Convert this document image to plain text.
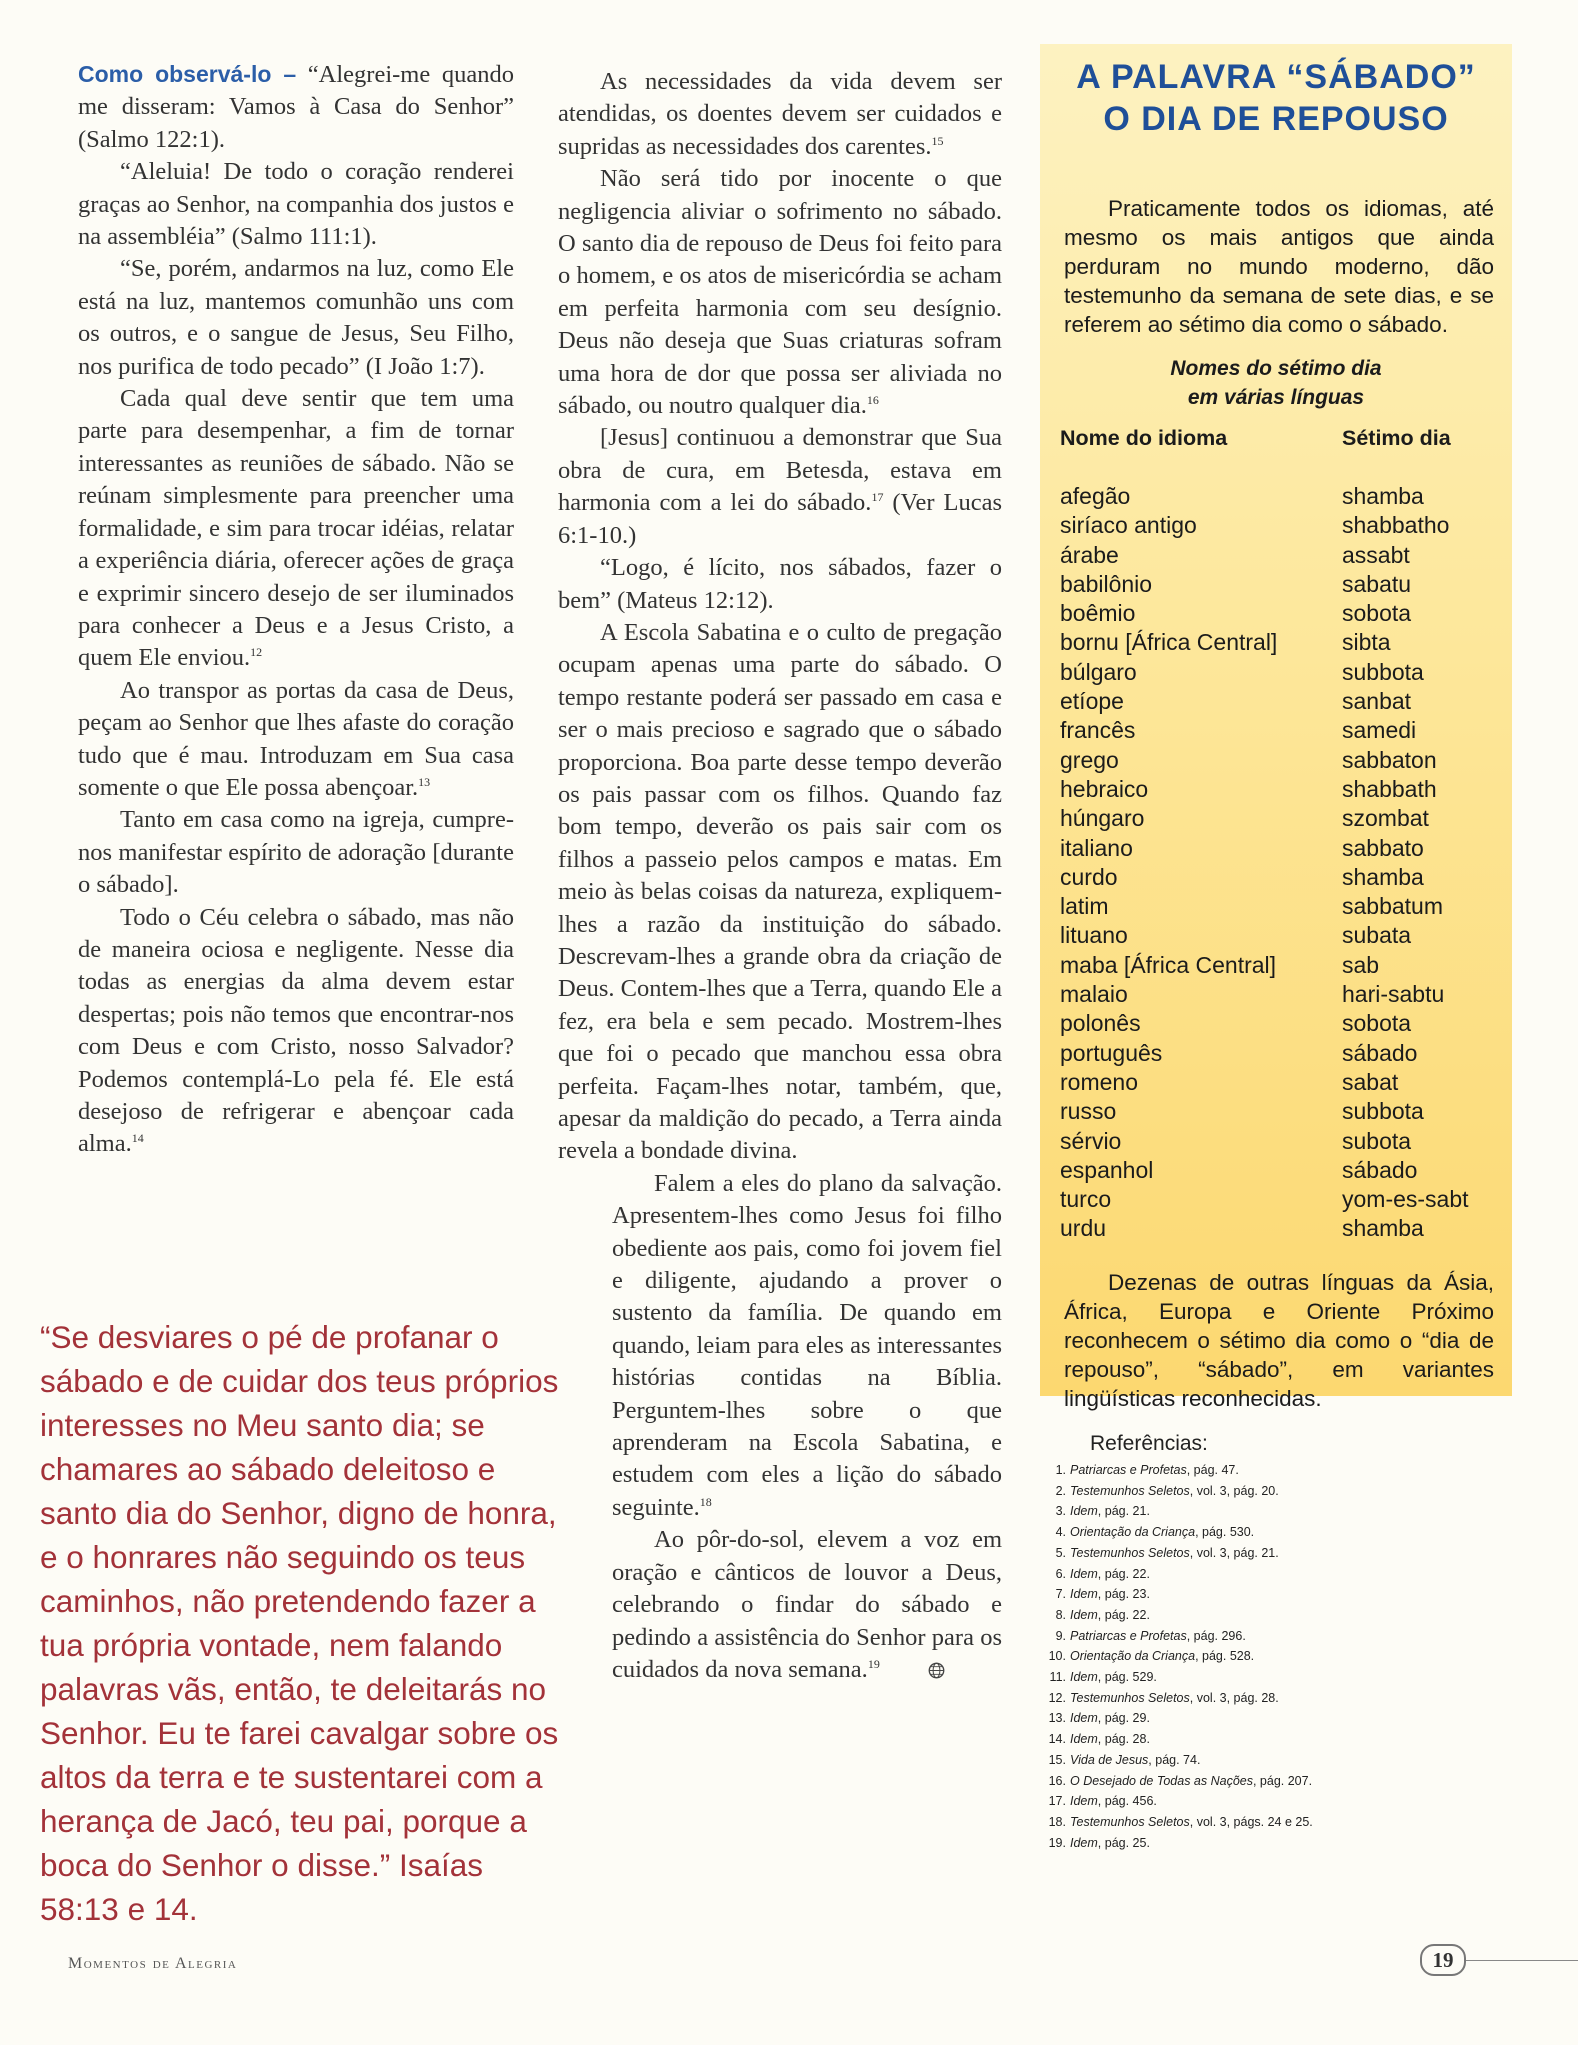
Como observá-lo – “Alegrei-me quando me disseram: Vamos à Casa do Senhor” (Salmo 122:1).

“Aleluia! De todo o coração renderei graças ao Senhor, na companhia dos justos e na assembléia” (Salmo 111:1).

“Se, porém, andarmos na luz, como Ele está na luz, mantemos comunhão uns com os outros, e o sangue de Jesus, Seu Filho, nos purifica de todo pecado” (I João 1:7).

Cada qual deve sentir que tem uma parte para desempenhar, a fim de tornar interessantes as reuniões de sábado. Não se reúnam simplesmente para preencher uma formalidade, e sim para trocar idéias, relatar a experiência diária, oferecer ações de graça e exprimir sincero desejo de ser iluminados para conhecer a Deus e a Jesus Cristo, a quem Ele enviou.$^{12}$

Ao transpor as portas da casa de Deus, peçam ao Senhor que lhes afaste do coração tudo que é mau. Introduzam em Sua casa somente o que Ele possa abençoar.$^{13}$

Tanto em casa como na igreja, cumpre-nos manifestar espírito de adoração [durante o sábado].

Todo o Céu celebra o sábado, mas não de maneira ociosa e negligente. Nesse dia todas as energias da alma devem estar despertas; pois não temos que encontrar-nos com Deus e com Cristo, nosso Salvador? Podemos contemplá-Lo pela fé. Ele está desejoso de refrigerar e abençoar cada alma.$^{14}$

As necessidades da vida devem ser atendidas, os doentes devem ser cuidados e supridas as necessidades dos carentes.$^{15}$

Não será tido por inocente o que negligencia aliviar o sofrimento no sábado. O santo dia de repouso de Deus foi feito para o homem, e os atos de misericórdia se acham em perfeita harmonia com seu desígnio. Deus não deseja que Suas criaturas sofram uma hora de dor que possa ser aliviada no sábado, ou noutro qualquer dia.$^{16}$

[Jesus] continuou a demonstrar que Sua obra de cura, em Betesda, estava em harmonia com a lei do sábado.$^{17}$ (Ver Lucas 6:1-10.)

“Logo, é lícito, nos sábados, fazer o bem” (Mateus 12:12).

A Escola Sabatina e o culto de pregação ocupam apenas uma parte do sábado. O tempo restante poderá ser passado em casa e ser o mais precioso e sagrado que o sábado proporciona. Boa parte desse tempo deverão os pais passar com os filhos. Quando faz bom tempo, deverão os pais sair com os filhos a passeio pelos campos e matas. Em meio às belas coisas da natureza, expliquem-lhes a razão da instituição do sábado. Descrevam-lhes a grande obra da criação de Deus. Contem-lhes que a Terra, quando Ele a fez, era bela e sem pecado. Mostrem-lhes que foi o pecado que manchou essa obra perfeita. Façam-lhes notar, também, que, apesar da maldição do pecado, a Terra ainda revela a bondade divina.

Falem a eles do plano da salvação. Apresentem-lhes como Jesus foi filho obediente aos pais, como foi jovem fiel e diligente, ajudando a prover o sustento da família. De quando em quando, leiam para eles as interessantes histórias contidas na Bíblia. Perguntem-lhes sobre o que aprenderam na Escola Sabatina, e estudem com eles a lição do sábado seguinte.$^{18}$

Ao pôr-do-sol, elevem a voz em oração e cânticos de louvor a Deus, celebrando o findar do sábado e pedindo a assistência do Senhor para os cuidados da nova semana.$^{19}$

“Se desviares o pé de profanar o sábado e de cuidar dos teus próprios interesses no Meu santo dia; se chamares ao sábado deleitoso e santo dia do Senhor, digno de honra, e o honrares não seguindo os teus caminhos, não pretendendo fazer a tua própria vontade, nem falando palavras vãs, então, te deleitarás no Senhor. Eu te farei cavalgar sobre os altos da terra e te sustentarei com a herança de Jacó, teu pai, porque a boca do Senhor o disse.” Isaías 58:13 e 14.

A PALAVRA “SÁBADO”
O DIA DE REPOUSO
Praticamente todos os idiomas, até mesmo os mais antigos que ainda perduram no mundo moderno, dão testemunho da semana de sete dias, e se referem ao sétimo dia como o sábado.
Nomes do sétimo dia
em várias línguas
Nome do idioma	Sétimo dia
afegão	shamba
siríaco antigo	shabbatho
árabe	assabt
babilônio	sabatu
boêmio	sobota
bornu [África Central]	sibta
búlgaro	subbota
etíope	sanbat
francês	samedi
grego	sabbaton
hebraico	shabbath
húngaro	szombat
italiano	sabbato
curdo	shamba
latim	sabbatum
lituano	subata
maba [África Central]	sab
malaio	hari-sabtu
polonês	sobota
português	sábado
romeno	sabat
russo	subbota
sérvio	subota
espanhol	sábado
turco	yom-es-sabt
urdu	shamba
Dezenas de outras línguas da Ásia, África, Europa e Oriente Próximo reconhecem o sétimo dia como o “dia de repouso”, “sábado”, em variantes lingüísticas reconhecidas.
Referências:
1. Patriarcas e Profetas, pág. 47.
2. Testemunhos Seletos, vol. 3, pág. 20.
3. Idem, pág. 21.
4. Orientação da Criança, pág. 530.
5. Testemunhos Seletos, vol. 3, pág. 21.
6. Idem, pág. 22.
7. Idem, pág. 23.
8. Idem, pág. 22.
9. Patriarcas e Profetas, pág. 296.
10. Orientação da Criança, pág. 528.
11. Idem, pág. 529.
12. Testemunhos Seletos, vol. 3, pág. 28.
13. Idem, pág. 29.
14. Idem, pág. 28.
15. Vida de Jesus, pág. 74.
16. O Desejado de Todas as Nações, pág. 207.
17. Idem, pág. 456.
18. Testemunhos Seletos, vol. 3, págs. 24 e 25.
19. Idem, pág. 25.
Momentos de Alegria	19
